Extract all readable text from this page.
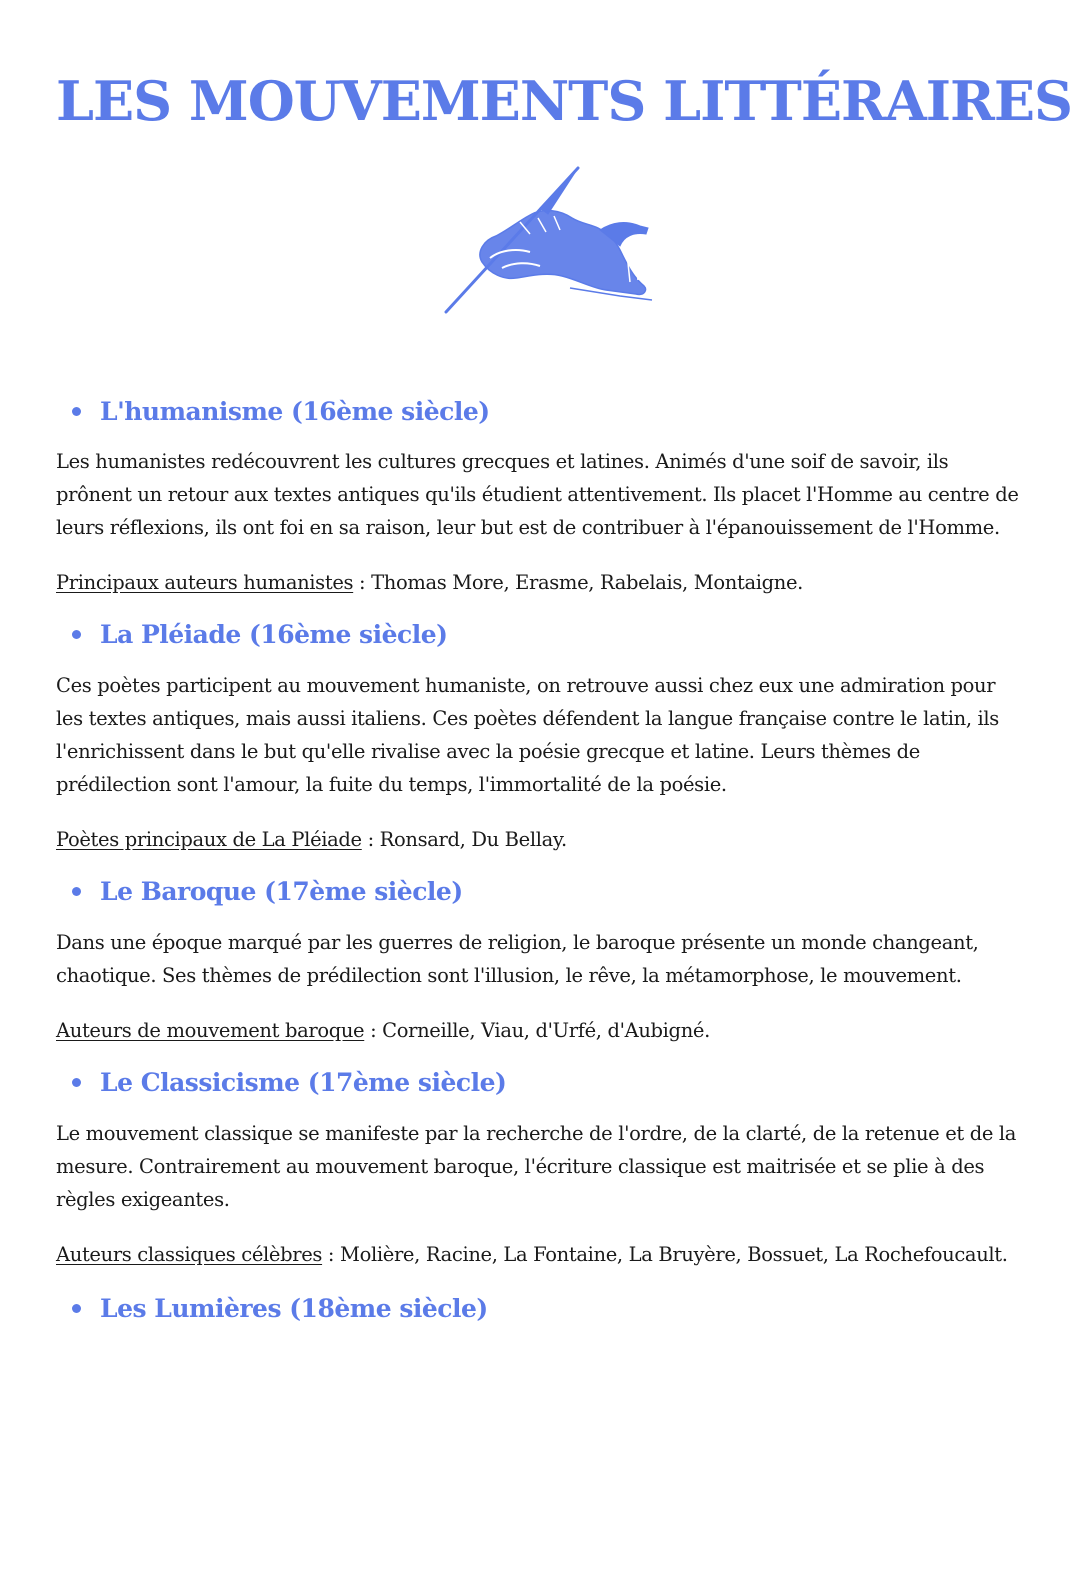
LES MOUVEMENTS LITTÉRAIRES
L'humanisme (16ème siècle)

Les humanistes redécouvrent les cultures grecques et latines. Animés d'une soif de savoir, ils prônent un retour aux textes antiques qu'ils étudient attentivement. Ils placet l'Homme au centre de leurs réflexions, ils ont foi en sa raison, leur but est de contribuer à l'épanouissement de l'Homme.

Principaux auteurs humanistes : Thomas More, Erasme, Rabelais, Montaigne.

La Pléiade (16ème siècle)

Ces poètes participent au mouvement humaniste, on retrouve aussi chez eux une admiration pour les textes antiques, mais aussi italiens. Ces poètes défendent la langue française contre le latin, ils l'enrichissent dans le but qu'elle rivalise avec la poésie grecque et latine. Leurs thèmes de prédilection sont l'amour, la fuite du temps, l'immortalité de la poésie.

Poètes principaux de La Pléiade : Ronsard, Du Bellay.

Le Baroque (17ème siècle)

Dans une époque marqué par les guerres de religion, le baroque présente un monde changeant, chaotique. Ses thèmes de prédilection sont l'illusion, le rêve, la métamorphose, le mouvement.

Auteurs de mouvement baroque : Corneille, Viau, d'Urfé, d'Aubigné.

Le Classicisme (17ème siècle)

Le mouvement classique se manifeste par la recherche de l'ordre, de la clarté, de la retenue et de la mesure. Contrairement au mouvement baroque, l'écriture classique est maitrisée et se plie à des règles exigeantes.

Auteurs classiques célèbres : Molière, Racine, La Fontaine, La Bruyère, Bossuet, La Rochefoucault.

Les Lumières (18ème siècle)
